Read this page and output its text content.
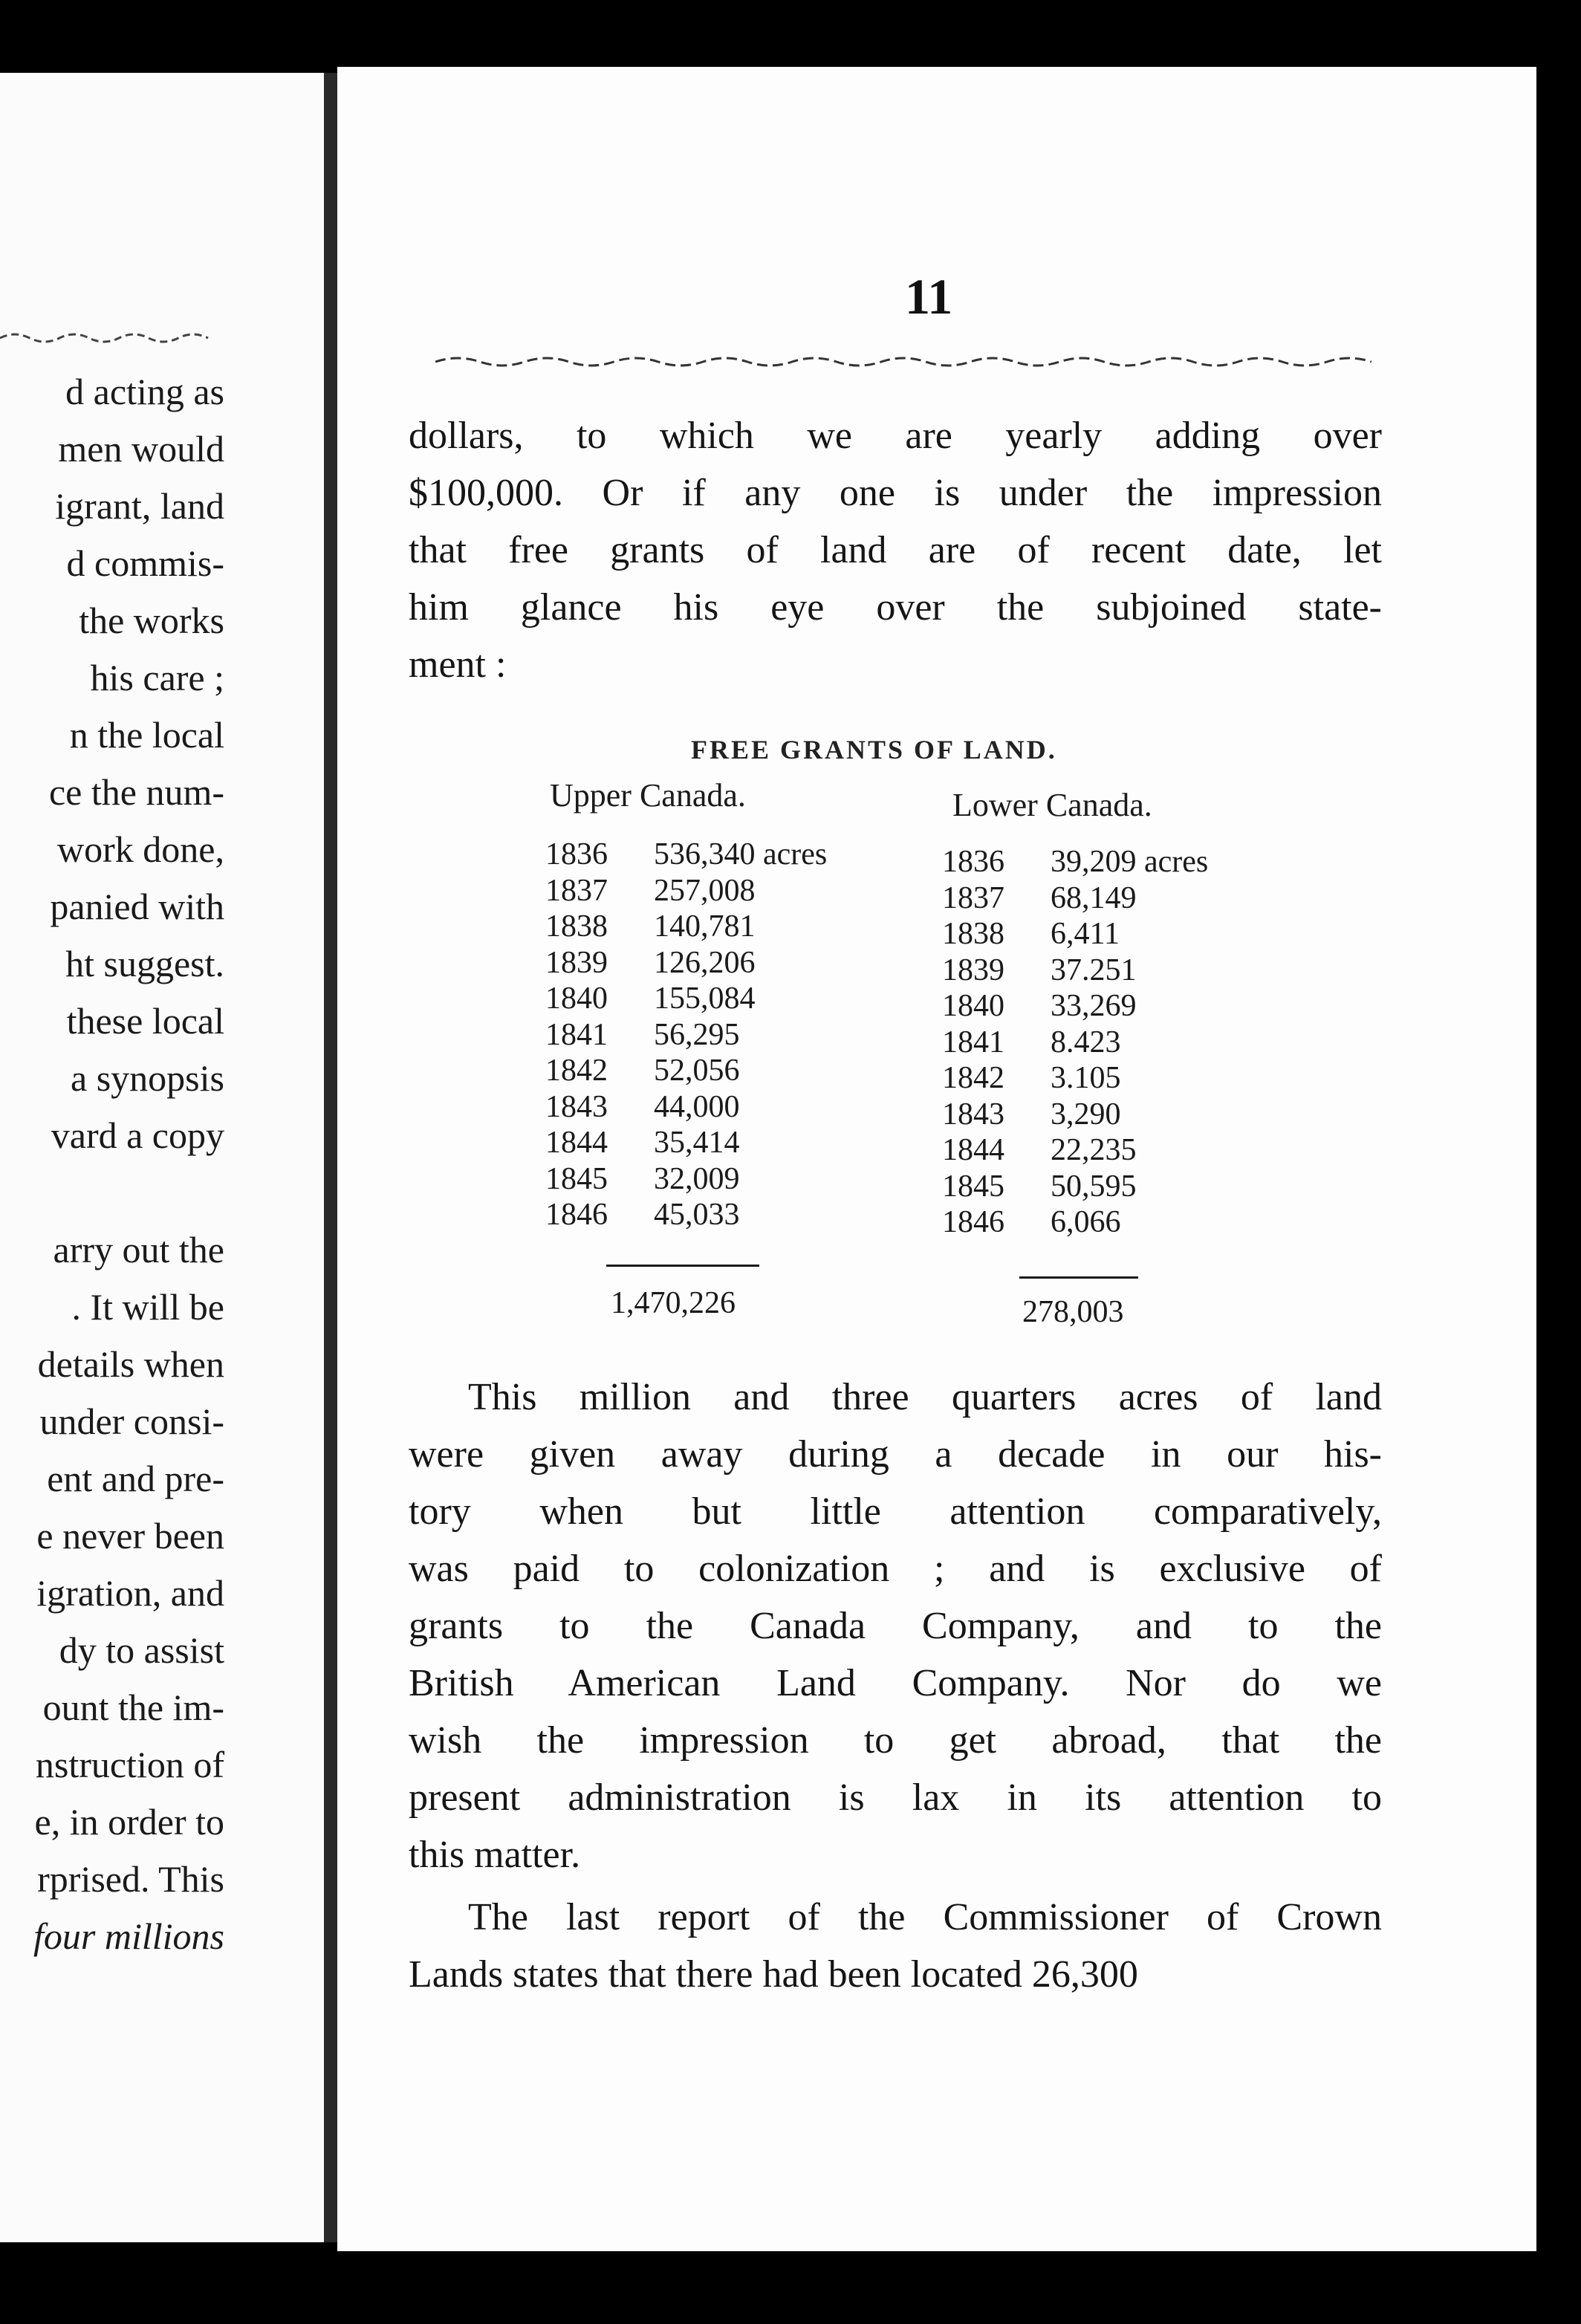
d acting as
men would
igrant, land
d commis-
the works
his care ;
n the local
ce the num-
work done,
panied with
ht suggest.
these local
a synopsis
vard a copy
arry out the
. It will be
details when
under consi-
ent and pre-
e never been
igration, and
dy to assist
ount the im-
nstruction of
e, in order to
rprised. This
four millions
11
dollars, to which we are yearly adding over
$100,000. Or if any one is under the impression
that free grants of land are of recent date, let
him glance his eye over the subjoined state-
ment :
FREE GRANTS OF LAND.
Upper Canada.	Lower Canada.
1836 536,340 acres
1837 257,008
1838 140,781
1839 126,206
1840 155,084
1841 56,295
1842 52,056
1843 44,000
1844 35,414
1845 32,009
1846 45,033
1836 39,209 acres
1837 68,149
1838 6,411
1839 37.251
1840 33,269
1841 8.423
1842 3.105
1843 3,290
1844 22,235
1845 50,595
1846 6,066
1,470,226	278,003
This million and three quarters acres of land
were given away during a decade in our his-
tory when but little attention comparatively,
was paid to colonization ; and is exclusive of
grants to the Canada Company, and to the
British American Land Company. Nor do we
wish the impression to get abroad, that the
present administration is lax in its attention to
this matter.
The last report of the Commissioner of Crown
Lands states that there had been located 26,300
